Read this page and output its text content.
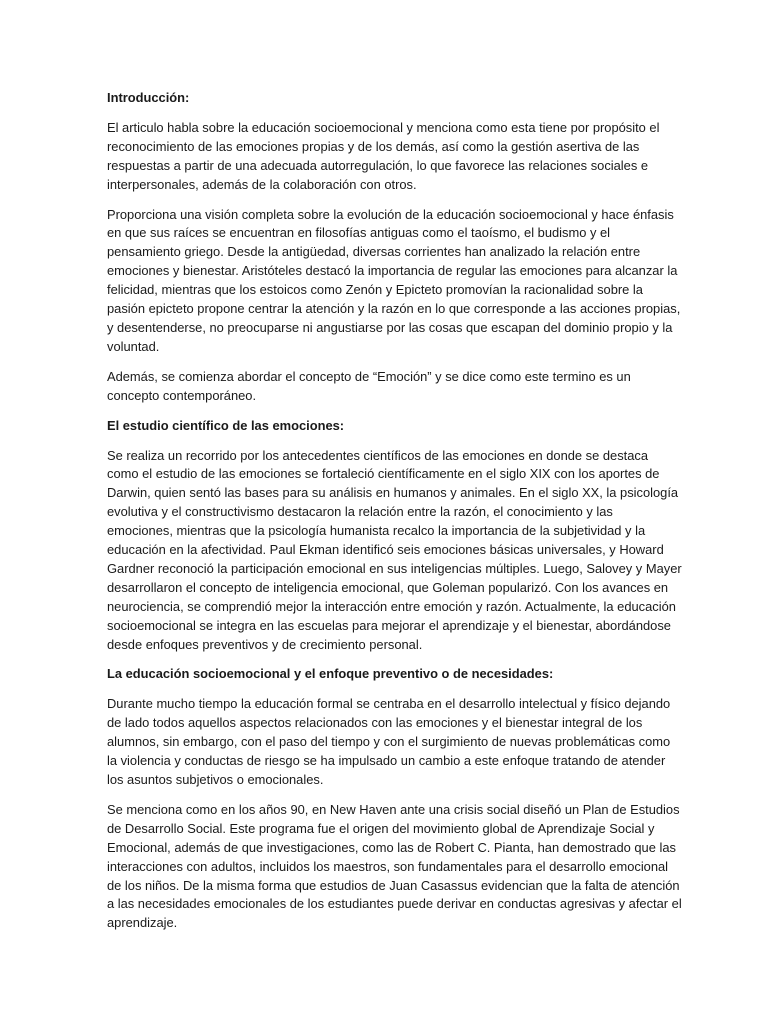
Introducción:

El articulo habla sobre la educación socioemocional y menciona como esta tiene por propósito el reconocimiento de las emociones propias y de los demás, así como la gestión asertiva de las respuestas a partir de una adecuada autorregulación, lo que favorece las relaciones sociales e interpersonales, además de la colaboración con otros.

Proporciona una visión completa sobre la evolución de la educación socioemocional y hace énfasis en que sus raíces se encuentran en filosofías antiguas como el taoísmo, el budismo y el pensamiento griego. Desde la antigüedad, diversas corrientes han analizado la relación entre emociones y bienestar. Aristóteles destacó la importancia de regular las emociones para alcanzar la felicidad, mientras que los estoicos como Zenón y Epicteto promovían la racionalidad sobre la pasión epicteto propone centrar la atención y la razón en lo que corresponde a las acciones propias, y desentenderse, no preocuparse ni angustiarse por las cosas que escapan del dominio propio y la voluntad.

Además, se comienza abordar el concepto de “Emoción” y se dice como este termino es un concepto contemporáneo.

El estudio científico de las emociones:

Se realiza un recorrido por los antecedentes científicos de las emociones en donde se destaca como el estudio de las emociones se fortaleció científicamente en el siglo XIX con los aportes de Darwin, quien sentó las bases para su análisis en humanos y animales. En el siglo XX, la psicología evolutiva y el constructivismo destacaron la relación entre la razón, el conocimiento y las emociones, mientras que la psicología humanista recalco la importancia de la subjetividad y la educación en la afectividad. Paul Ekman identificó seis emociones básicas universales, y Howard Gardner reconoció la participación emocional en sus inteligencias múltiples. Luego, Salovey y Mayer desarrollaron el concepto de inteligencia emocional, que Goleman popularizó. Con los avances en neurociencia, se comprendió mejor la interacción entre emoción y razón. Actualmente, la educación socioemocional se integra en las escuelas para mejorar el aprendizaje y el bienestar, abordándose desde enfoques preventivos y de crecimiento personal.

La educación socioemocional y el enfoque preventivo o de necesidades:

Durante mucho tiempo la educación formal se centraba en el desarrollo intelectual y físico dejando de lado todos aquellos aspectos relacionados con las emociones y el bienestar integral de los alumnos, sin embargo, con el paso del tiempo y con el surgimiento de nuevas problemáticas como la violencia y conductas de riesgo se ha impulsado un cambio a este enfoque tratando de atender los asuntos subjetivos o emocionales.

Se menciona como en los años 90, en New Haven ante una crisis social diseñó un Plan de Estudios de Desarrollo Social. Este programa fue el origen del movimiento global de Aprendizaje Social y Emocional, además de que investigaciones, como las de Robert C. Pianta, han demostrado que las interacciones con adultos, incluidos los maestros, son fundamentales para el desarrollo emocional de los niños. De la misma forma que estudios de Juan Casassus evidencian que la falta de atención a las necesidades emocionales de los estudiantes puede derivar en conductas agresivas y afectar el aprendizaje.
